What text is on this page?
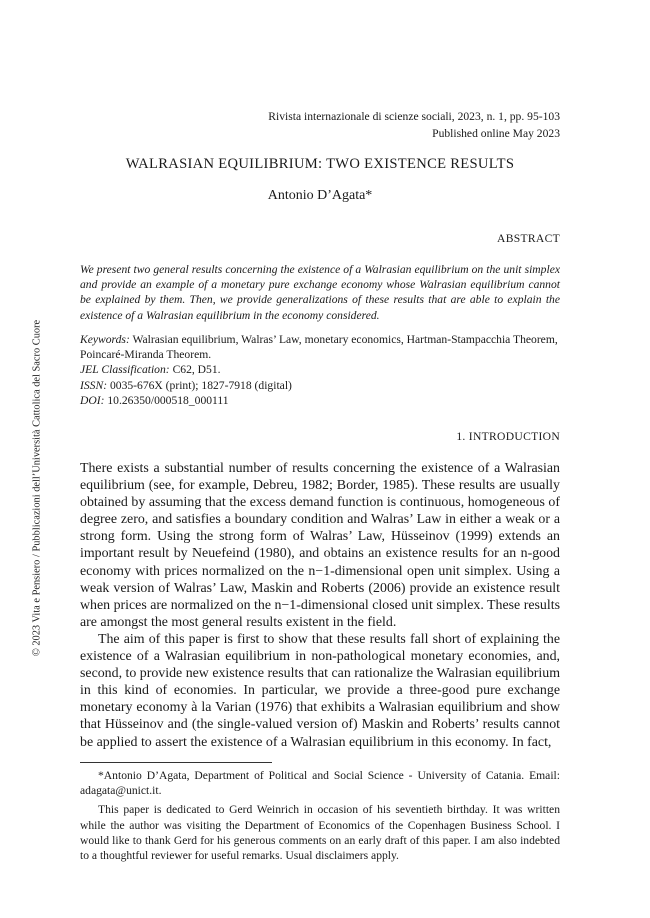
© 2023 Vita e Pensiero / Pubblicazioni dell’Università Cattolica del Sacro Cuore
Rivista internazionale di scienze sociali, 2023, n. 1, pp. 95-103
Published online May 2023
WALRASIAN EQUILIBRIUM: TWO EXISTENCE RESULTS
Antonio D’Agata*
ABSTRACT
We present two general results concerning the existence of a Walrasian equilibrium on the unit simplex and provide an example of a monetary pure exchange economy whose Walrasian equilibrium cannot be explained by them. Then, we provide generalizations of these results that are able to explain the existence of a Walrasian equilibrium in the economy considered.
Keywords: Walrasian equilibrium, Walras’ Law, monetary economics, Hartman-Stampacchia Theorem, Poincaré-Miranda Theorem.
JEL Classification: C62, D51.
ISSN: 0035-676X (print); 1827-7918 (digital)
DOI: 10.26350/000518_000111
1. INTRODUCTION

There exists a substantial number of results concerning the existence of a Walrasian equilibrium (see, for example, Debreu, 1982; Border, 1985). These results are usually obtained by assuming that the excess demand function is continuous, homogeneous of degree zero, and satisfies a boundary condition and Walras’ Law in either a weak or a strong form. Using the strong form of Walras’ Law, Hüsseinov (1999) extends an important result by Neuefeind (1980), and obtains an existence results for an n-good economy with prices normalized on the n−1-dimensional open unit simplex. Using a weak version of Walras’ Law, Maskin and Roberts (2006) provide an existence result when prices are normalized on the n−1-dimensional closed unit simplex. These results are amongst the most general results existent in the field.

The aim of this paper is first to show that these results fall short of explaining the existence of a Walrasian equilibrium in non-pathological monetary economies, and, second, to provide new existence results that can rationalize the Walrasian equilibrium in this kind of economies. In particular, we provide a three-good pure exchange monetary economy à la Varian (1976) that exhibits a Walrasian equilibrium and show that Hüsseinov and (the single-valued version of) Maskin and Roberts’ results cannot be applied to assert the existence of a Walrasian equilibrium in this economy. In fact,

*Antonio D’Agata, Department of Political and Social Science - University of Catania. Email: adagata@unict.it.

This paper is dedicated to Gerd Weinrich in occasion of his seventieth birthday. It was written while the author was visiting the Department of Economics of the Copenhagen Business School. I would like to thank Gerd for his generous comments on an early draft of this paper. I am also indebted to a thoughtful reviewer for useful remarks. Usual disclaimers apply.
